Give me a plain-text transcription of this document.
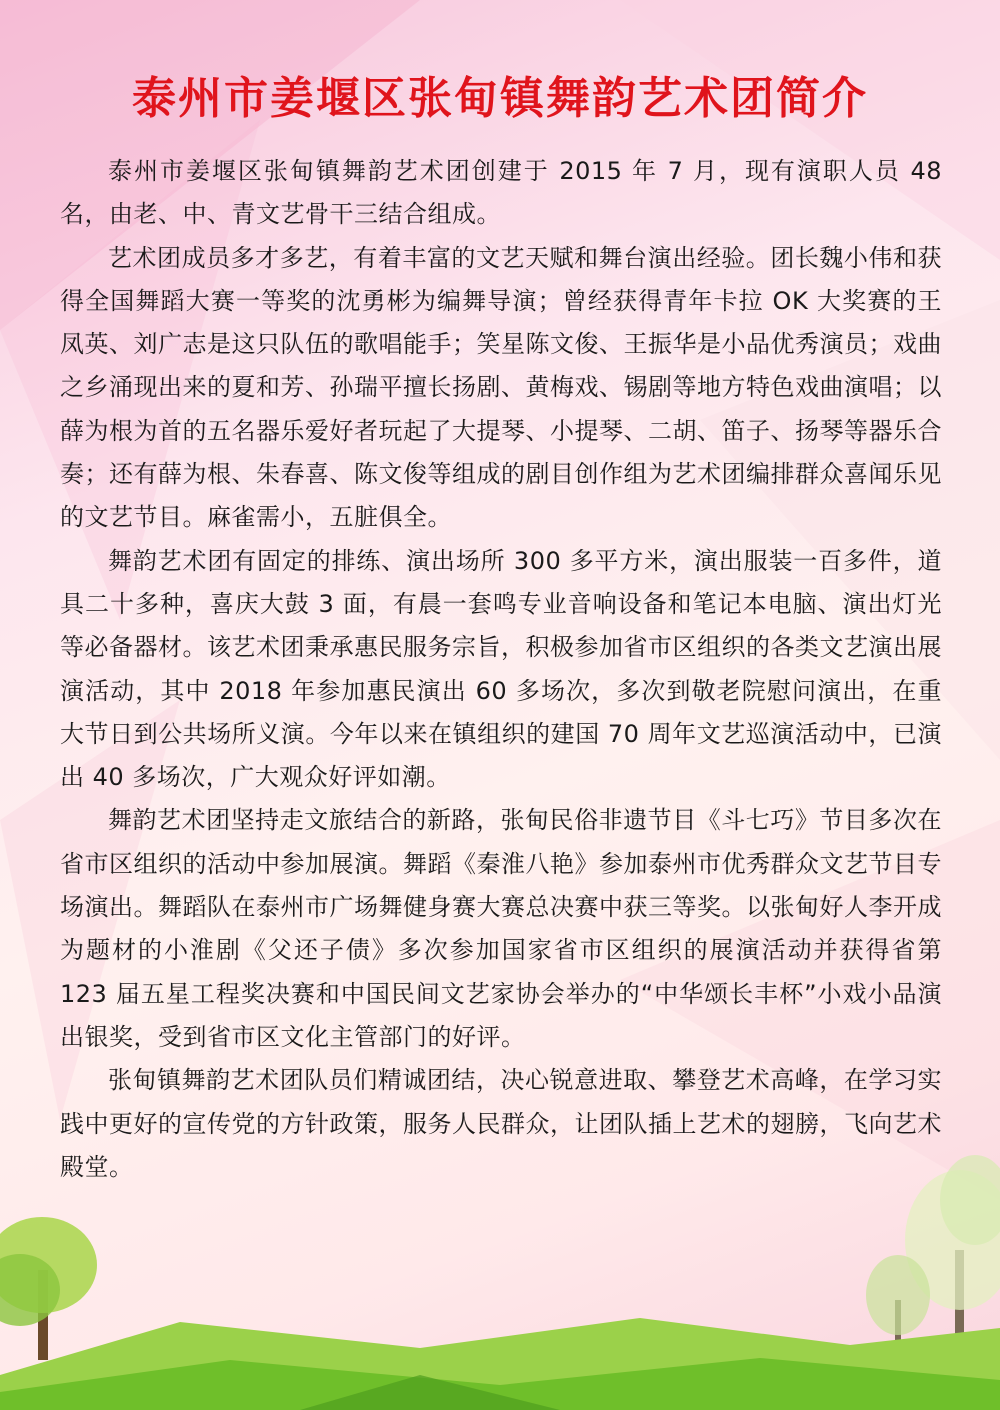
泰州市姜堰区张甸镇舞韵艺术团简介

泰州市姜堰区张甸镇舞韵艺术团创建于 2015 年 7 月，现有演职人员 48 名，由老、中、青文艺骨干三结合组成。

艺术团成员多才多艺，有着丰富的文艺天赋和舞台演出经验。团长魏小伟和获得全国舞蹈大赛一等奖的沈勇彬为编舞导演；曾经获得青年卡拉 OK 大奖赛的王凤英、刘广志是这只队伍的歌唱能手；笑星陈文俊、王振华是小品优秀演员；戏曲之乡涌现出来的夏和芳、孙瑞平擅长扬剧、黄梅戏、锡剧等地方特色戏曲演唱；以薛为根为首的五名器乐爱好者玩起了大提琴、小提琴、二胡、笛子、扬琴等器乐合奏；还有薛为根、朱春喜、陈文俊等组成的剧目创作组为艺术团编排群众喜闻乐见的文艺节目。麻雀需小，五脏俱全。

舞韵艺术团有固定的排练、演出场所 300 多平方米，演出服装一百多件，道具二十多种，喜庆大鼓 3 面，有晨一套鸣专业音响设备和笔记本电脑、演出灯光等必备器材。该艺术团秉承惠民服务宗旨，积极参加省市区组织的各类文艺演出展演活动，其中 2018 年参加惠民演出 60 多场次，多次到敬老院慰问演出，在重大节日到公共场所义演。今年以来在镇组织的建国 70 周年文艺巡演活动中，已演出 40 多场次，广大观众好评如潮。

舞韵艺术团坚持走文旅结合的新路，张甸民俗非遗节目《斗七巧》节目多次在省市区组织的活动中参加展演。舞蹈《秦淮八艳》参加泰州市优秀群众文艺节目专场演出。舞蹈队在泰州市广场舞健身赛大赛总决赛中获三等奖。以张甸好人李开成为题材的小淮剧《父还子债》多次参加国家省市区组织的展演活动并获得省第 123 届五星工程奖决赛和中国民间文艺家协会举办的“中华颂长丰杯”小戏小品演出银奖，受到省市区文化主管部门的好评。

张甸镇舞韵艺术团队员们精诚团结，决心锐意进取、攀登艺术高峰，在学习实践中更好的宣传党的方针政策，服务人民群众，让团队插上艺术的翅膀，飞向艺术殿堂。
